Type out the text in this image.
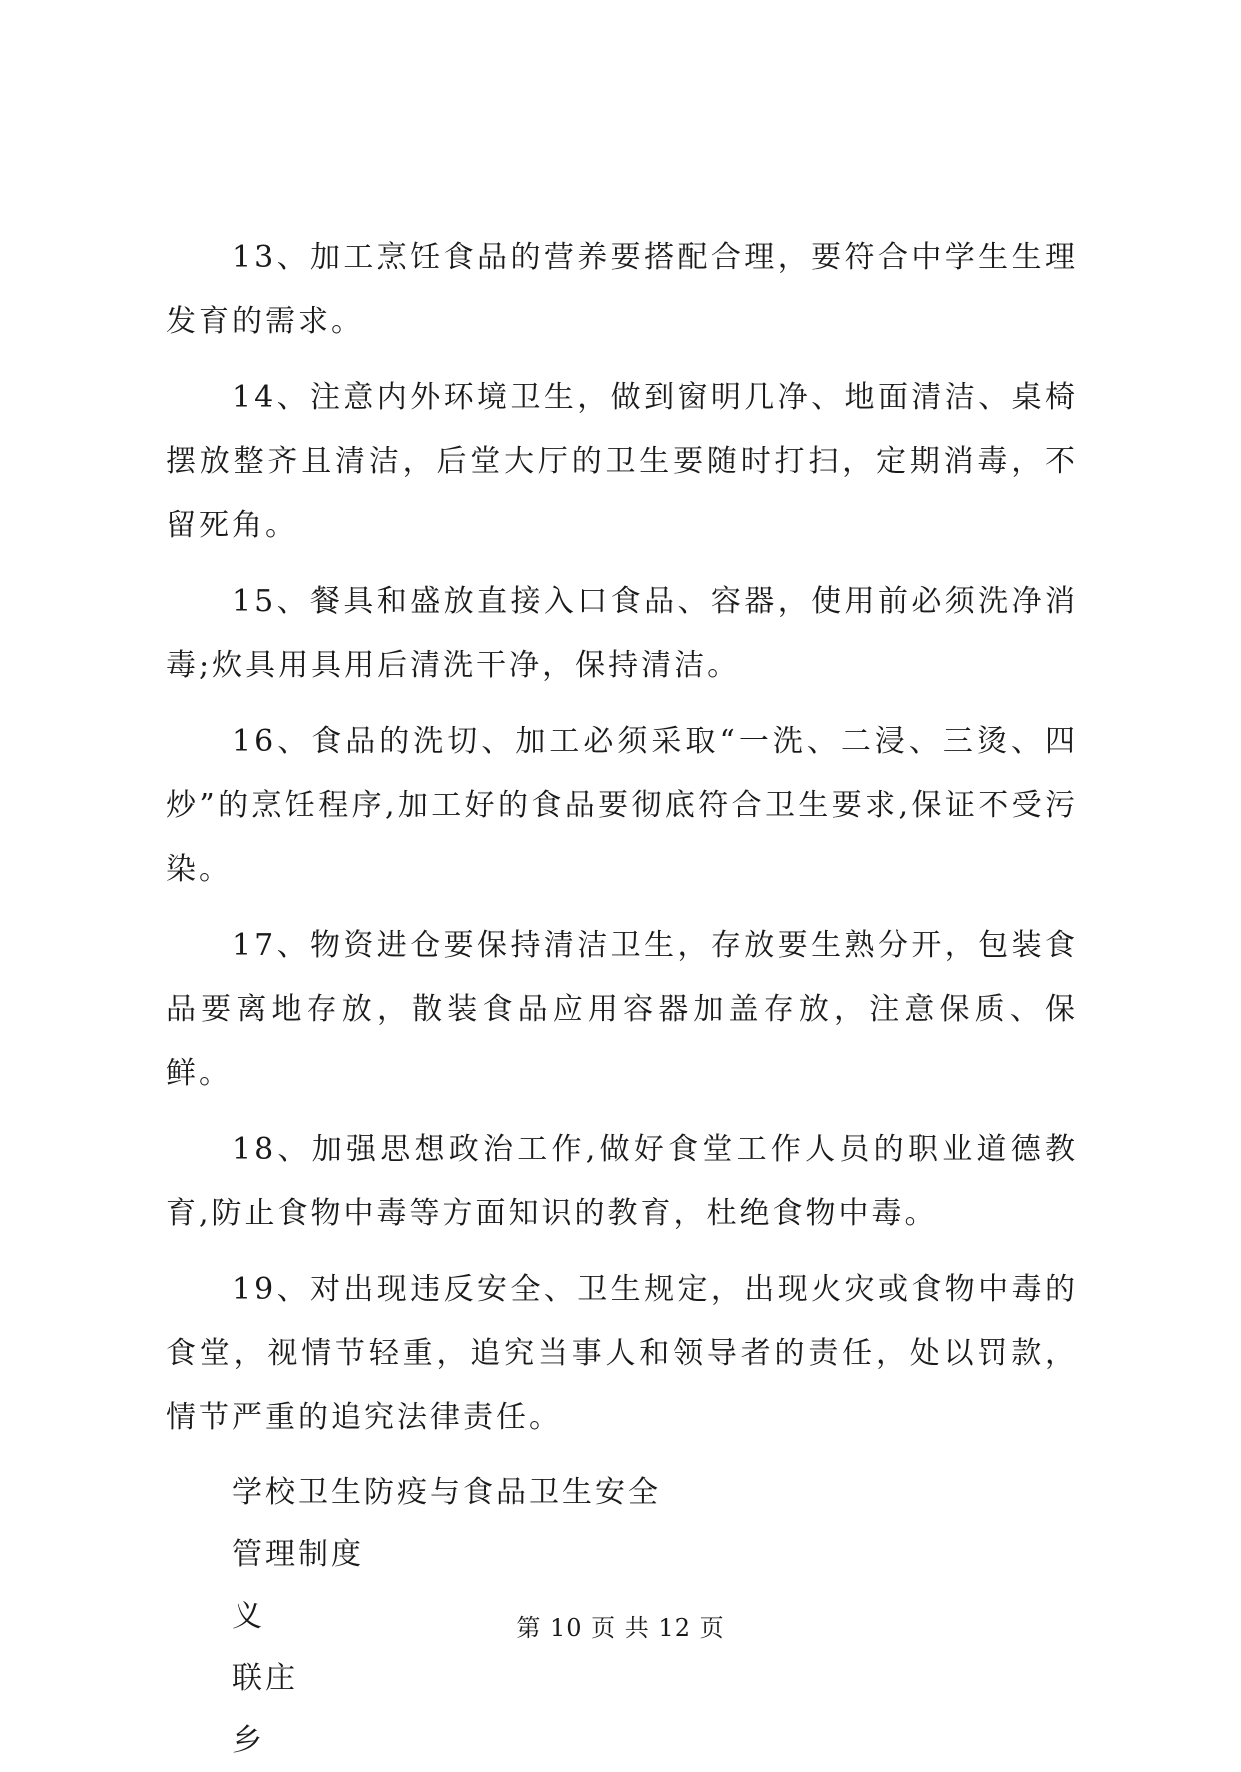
13、加工烹饪食品的营养要搭配合理，要符合中学生生理发育的需求。

14、注意内外环境卫生，做到窗明几净、地面清洁、桌椅摆放整齐且清洁，后堂大厅的卫生要随时打扫，定期消毒，不留死角。

15、餐具和盛放直接入口食品、容器，使用前必须洗净消毒;炊具用具用后清洗干净，保持清洁。

16、食品的洗切、加工必须采取“一洗、二浸、三烫、四炒”的烹饪程序,加工好的食品要彻底符合卫生要求,保证不受污染。

17、物资进仓要保持清洁卫生，存放要生熟分开，包装食品要离地存放，散装食品应用容器加盖存放，注意保质、保鲜。

18、加强思想政治工作,做好食堂工作人员的职业道德教育,防止食物中毒等方面知识的教育，杜绝食物中毒。

19、对出现违反安全、卫生规定，出现火灾或食物中毒的食堂，视情节轻重，追究当事人和领导者的责任，处以罚款，情节严重的追究法律责任。

学校卫生防疫与食品卫生安全
管理制度
义
联庄
乡
第 10 页 共 12 页
